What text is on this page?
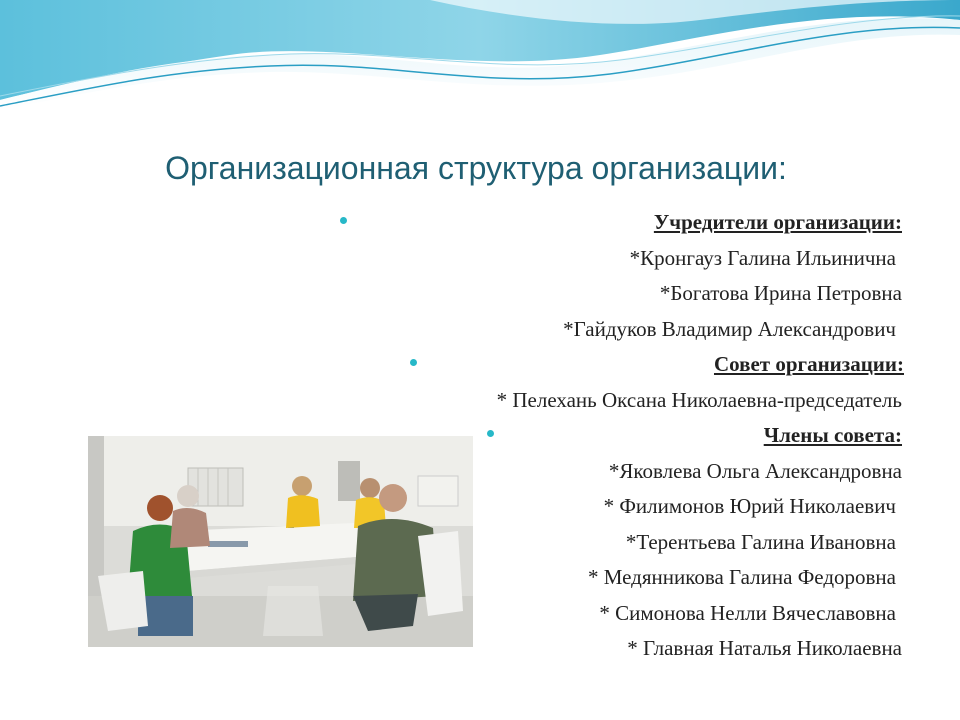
Организационная структура организации:
Учредители организации:
*Кронгауз Галина Ильинична
*Богатова Ирина Петровна
*Гайдуков Владимир Александрович
Совет организации:
* Пелехань Оксана Николаевна-председатель
Члены совета:
*Яковлева Ольга Александровна
* Филимонов Юрий Николаевич
*Терентьева Галина Ивановна
* Медянникова Галина Федоровна
* Симонова Нелли Вячеславовна
* Главная Наталья Николаевна
